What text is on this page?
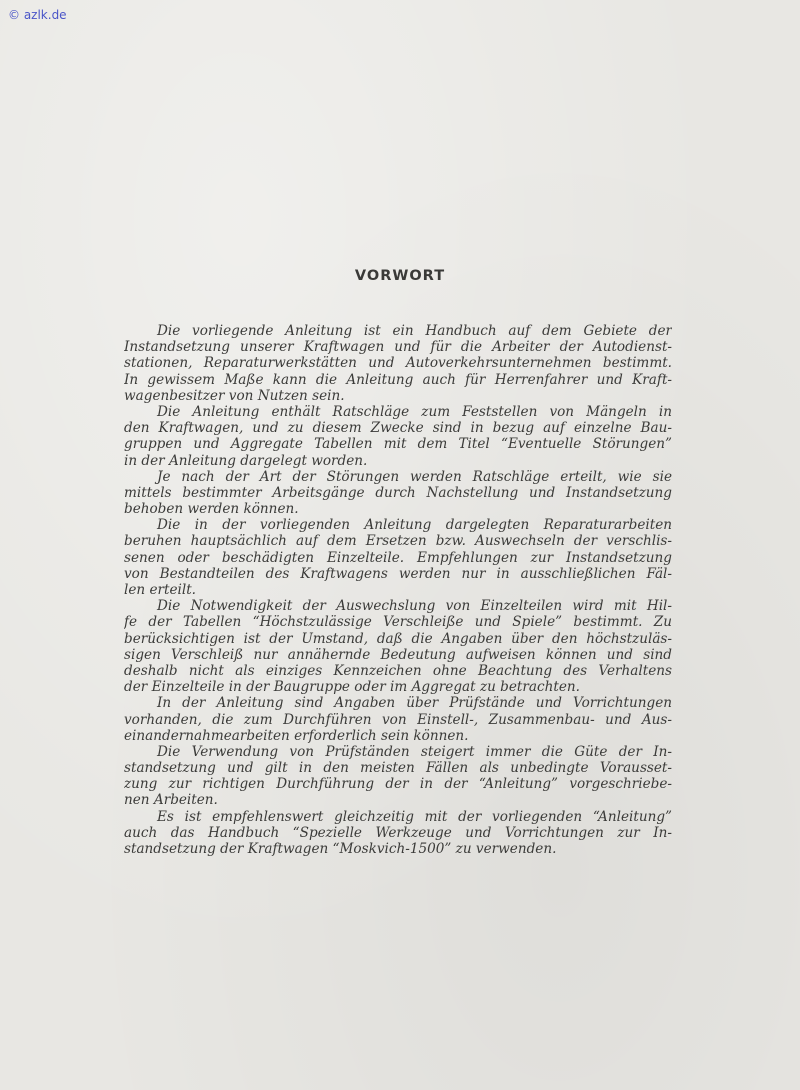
© azlk.de
VORWORT
Die vorliegende Anleitung ist ein Handbuch auf dem Gebiete der
Instandsetzung unserer Kraftwagen und für die Arbeiter der Autodienst-
stationen, Reparaturwerkstätten und Autoverkehrsunternehmen bestimmt.
In gewissem Maße kann die Anleitung auch für Herrenfahrer und Kraft-
wagenbesitzer von Nutzen sein.
Die Anleitung enthält Ratschläge zum Feststellen von Mängeln in
den Kraftwagen, und zu diesem Zwecke sind in bezug auf einzelne Bau-
gruppen und Aggregate Tabellen mit dem Titel “Eventuelle Störungen”
in der Anleitung dargelegt worden.
Je nach der Art der Störungen werden Ratschläge erteilt, wie sie
mittels bestimmter Arbeitsgänge durch Nachstellung und Instandsetzung
behoben werden können.
Die in der vorliegenden Anleitung dargelegten Reparaturarbeiten
beruhen hauptsächlich auf dem Ersetzen bzw. Auswechseln der verschlis-
senen oder beschädigten Einzelteile. Empfehlungen zur Instandsetzung
von Bestandteilen des Kraftwagens werden nur in ausschließlichen Fäl-
len erteilt.
Die Notwendigkeit der Auswechslung von Einzelteilen wird mit Hil-
fe der Tabellen “Höchstzulässige Verschleiße und Spiele” bestimmt. Zu
berücksichtigen ist der Umstand, daß die Angaben über den höchstzuläs-
sigen Verschleiß nur annähernde Bedeutung aufweisen können und sind
deshalb nicht als einziges Kennzeichen ohne Beachtung des Verhaltens
der Einzelteile in der Baugruppe oder im Aggregat zu betrachten.
In der Anleitung sind Angaben über Prüfstände und Vorrichtungen
vorhanden, die zum Durchführen von Einstell-, Zusammenbau- und Aus-
einandernahmearbeiten erforderlich sein können.
Die Verwendung von Prüfständen steigert immer die Güte der In-
standsetzung und gilt in den meisten Fällen als unbedingte Vorausset-
zung zur richtigen Durchführung der in der “Anleitung” vorgeschriebe-
nen Arbeiten.
Es ist empfehlenswert gleichzeitig mit der vorliegenden “Anleitung”
auch das Handbuch “Spezielle Werkzeuge und Vorrichtungen zur In-
standsetzung der Kraftwagen “Moskvich-1500” zu verwenden.
